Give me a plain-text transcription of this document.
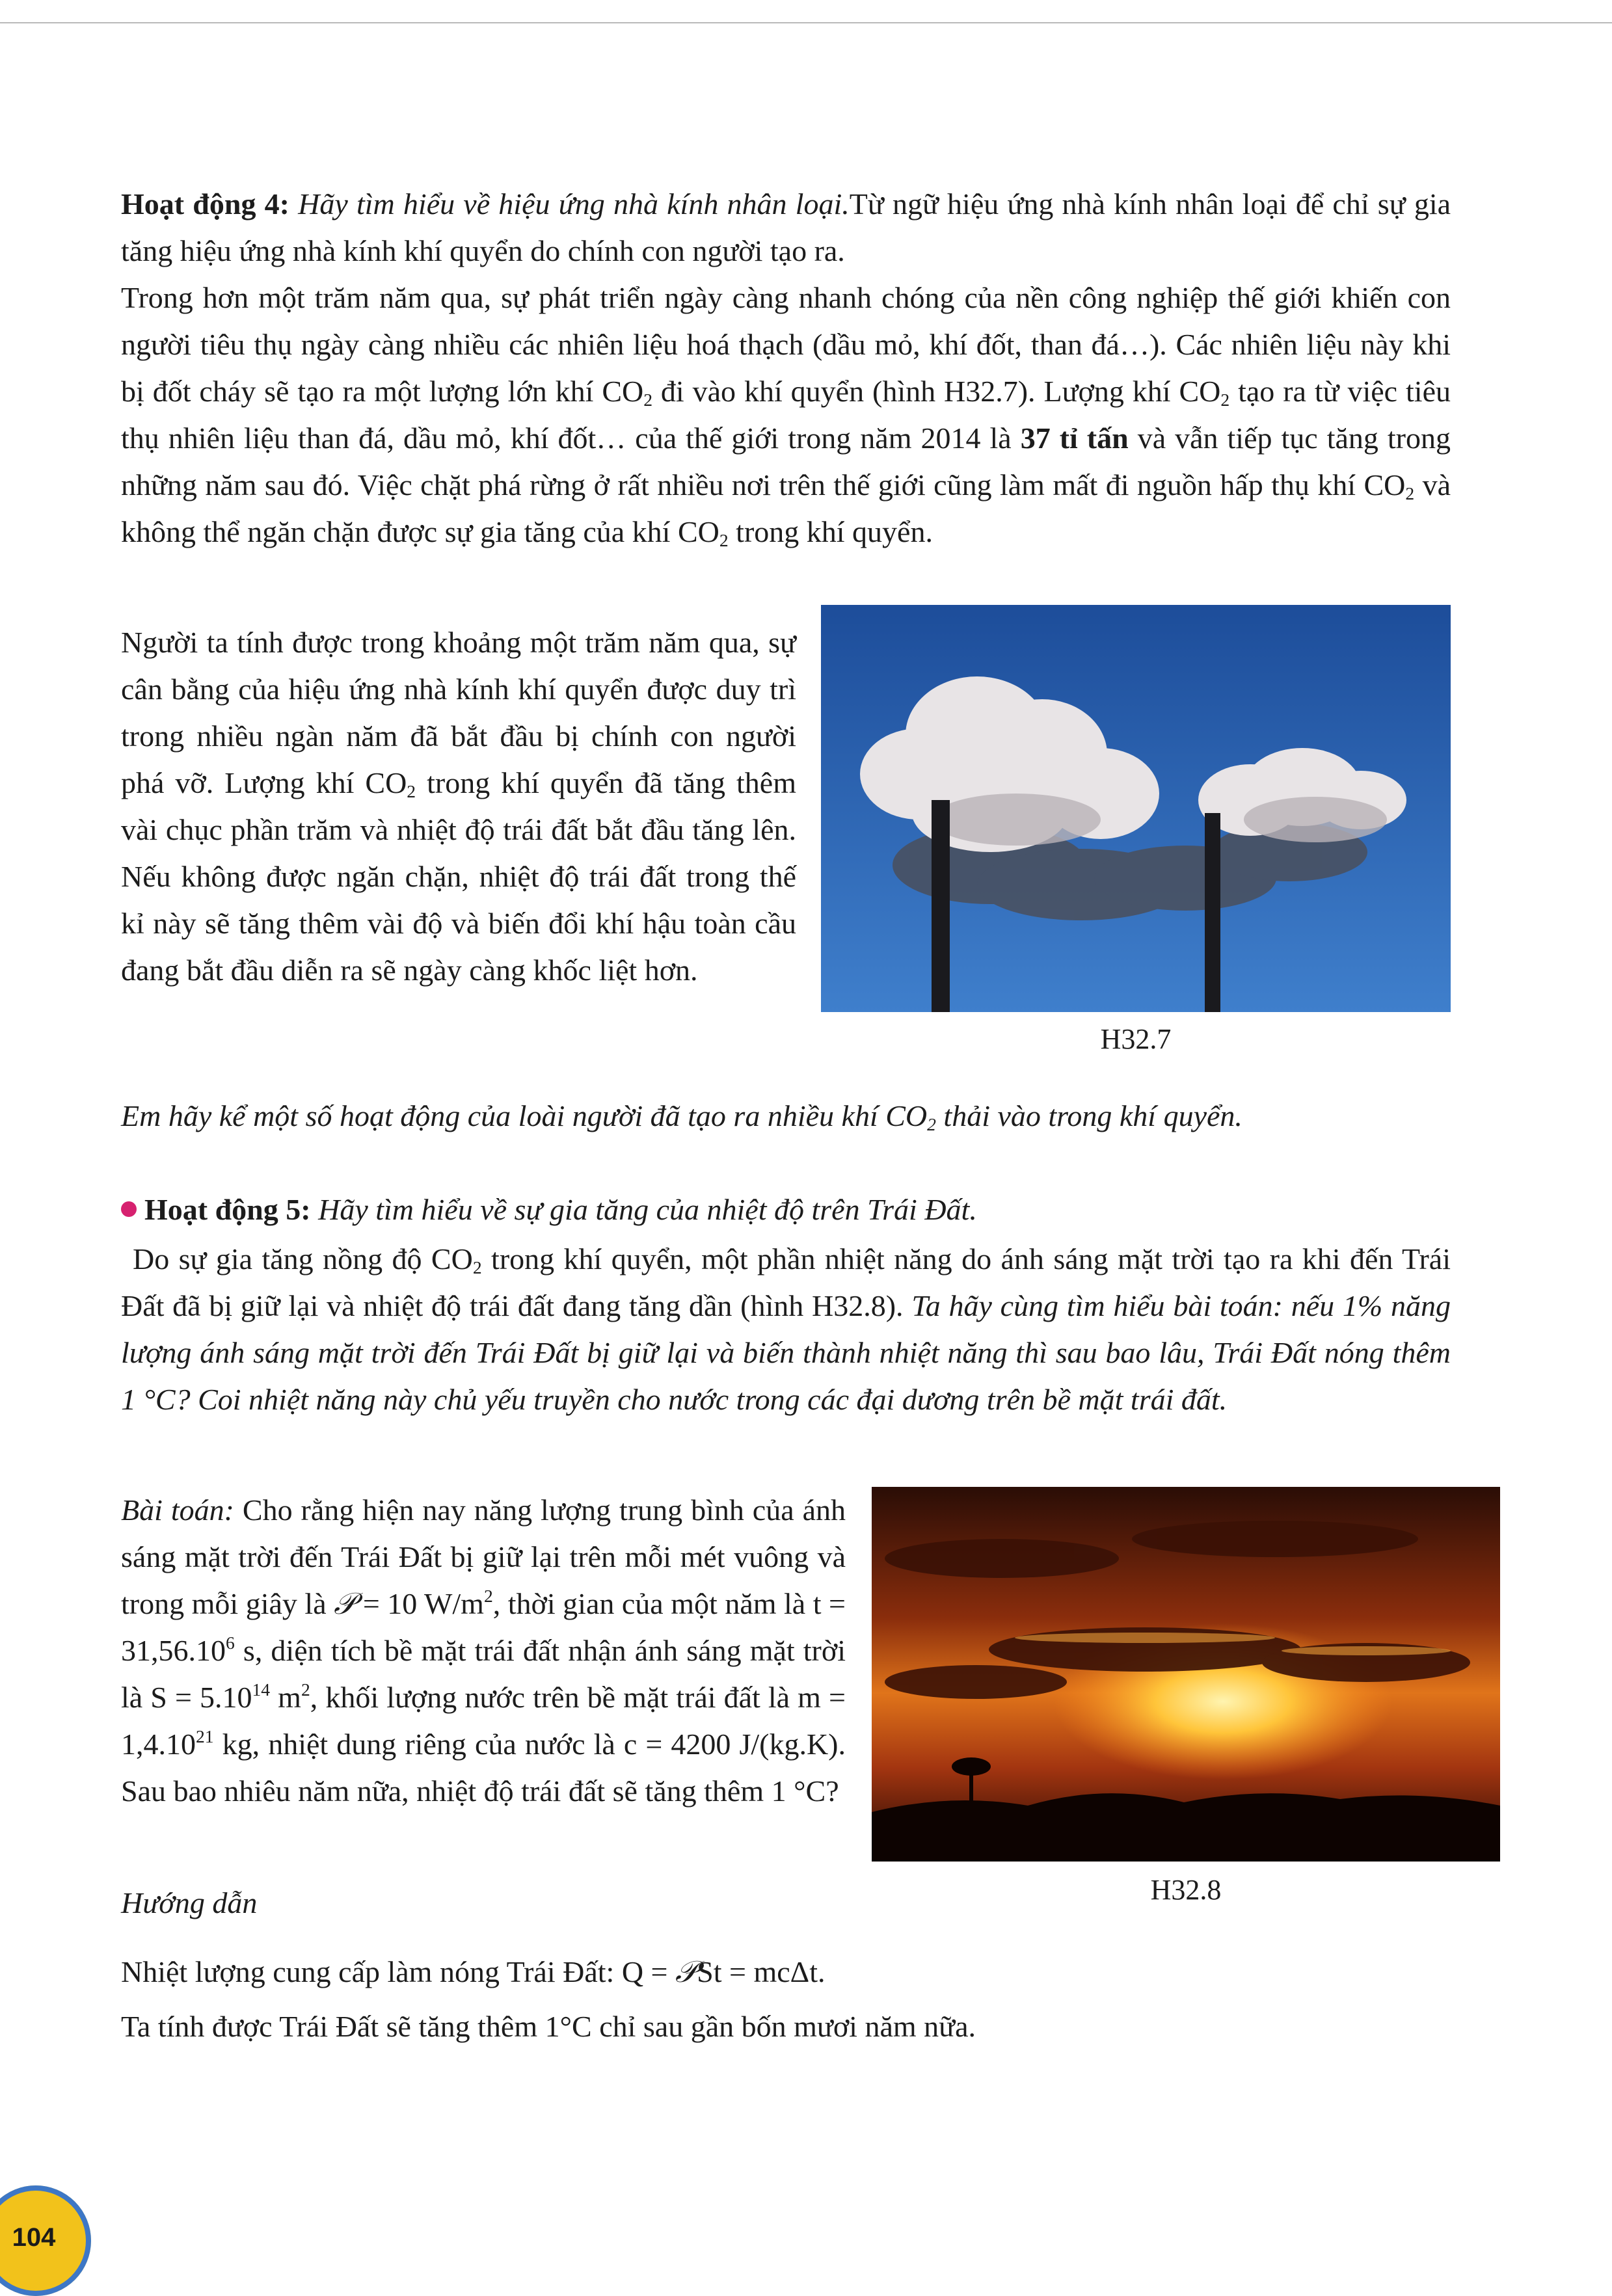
Hoạt động 4: Hãy tìm hiểu về hiệu ứng nhà kính nhân loại.Từ ngữ hiệu ứng nhà kính nhân loại để chỉ sự gia tăng hiệu ứng nhà kính khí quyển do chính con người tạo ra.

Trong hơn một trăm năm qua, sự phát triển ngày càng nhanh chóng của nền công nghiệp thế giới khiến con người tiêu thụ ngày càng nhiều các nhiên liệu hoá thạch (dầu mỏ, khí đốt, than đá…). Các nhiên liệu này khi bị đốt cháy sẽ tạo ra một lượng lớn khí $CO_2$ đi vào khí quyển (hình H32.7). Lượng khí $CO_2$ tạo ra từ việc tiêu thụ nhiên liệu than đá, dầu mỏ, khí đốt… của thế giới trong năm 2014 là 37 tỉ tấn và vẫn tiếp tục tăng trong những năm sau đó. Việc chặt phá rừng ở rất nhiều nơi trên thế giới cũng làm mất đi nguồn hấp thụ khí $CO_2$ và không thể ngăn chặn được sự gia tăng của khí $CO_2$ trong khí quyển.

Người ta tính được trong khoảng một trăm năm qua, sự cân bằng của hiệu ứng nhà kính khí quyển được duy trì trong nhiều ngàn năm đã bắt đầu bị chính con người phá vỡ. Lượng khí $CO_2$ trong khí quyển đã tăng thêm vài chục phần trăm và nhiệt độ trái đất bắt đầu tăng lên. Nếu không được ngăn chặn, nhiệt độ trái đất trong thế kỉ này sẽ tăng thêm vài độ và biến đổi khí hậu toàn cầu đang bắt đầu diễn ra sẽ ngày càng khốc liệt hơn.

H32.7

Em hãy kể một số hoạt động của loài người đã tạo ra nhiều khí $CO_2$ thải vào trong khí quyển.

Hoạt động 5: Hãy tìm hiểu về sự gia tăng của nhiệt độ trên Trái Đất.

Do sự gia tăng nồng độ $CO_2$ trong khí quyển, một phần nhiệt năng do ánh sáng mặt trời tạo ra khi đến Trái Đất đã bị giữ lại và nhiệt độ trái đất đang tăng dần (hình H32.8). Ta hãy cùng tìm hiểu bài toán: nếu 1% năng lượng ánh sáng mặt trời đến Trái Đất bị giữ lại và biến thành nhiệt năng thì sau bao lâu, Trái Đất nóng thêm 1 °C? Coi nhiệt năng này chủ yếu truyền cho nước trong các đại dương trên bề mặt trái đất.

Bài toán: Cho rằng hiện nay năng lượng trung bình của ánh sáng mặt trời đến Trái Đất bị giữ lại trên mỗi mét vuông và trong mỗi giây là 𝒫 = 10 $W/m^2$, thời gian của một năm là $t = 31,56.10^6$ s, diện tích bề mặt trái đất nhận ánh sáng mặt trời là $S = 5.10^{14}$ $m^2$, khối lượng nước trên bề mặt trái đất là $m = 1,4.10^{21}$ kg, nhiệt dung riêng của nước là c = 4200 J/(kg.K). Sau bao nhiêu năm nữa, nhiệt độ trái đất sẽ tăng thêm 1 °C?

H32.8

Hướng dẫn

Nhiệt lượng cung cấp làm nóng Trái Đất: Q = 𝒫St = mcΔt.

Ta tính được Trái Đất sẽ tăng thêm 1°C chỉ sau gần bốn mươi năm nữa.

104
